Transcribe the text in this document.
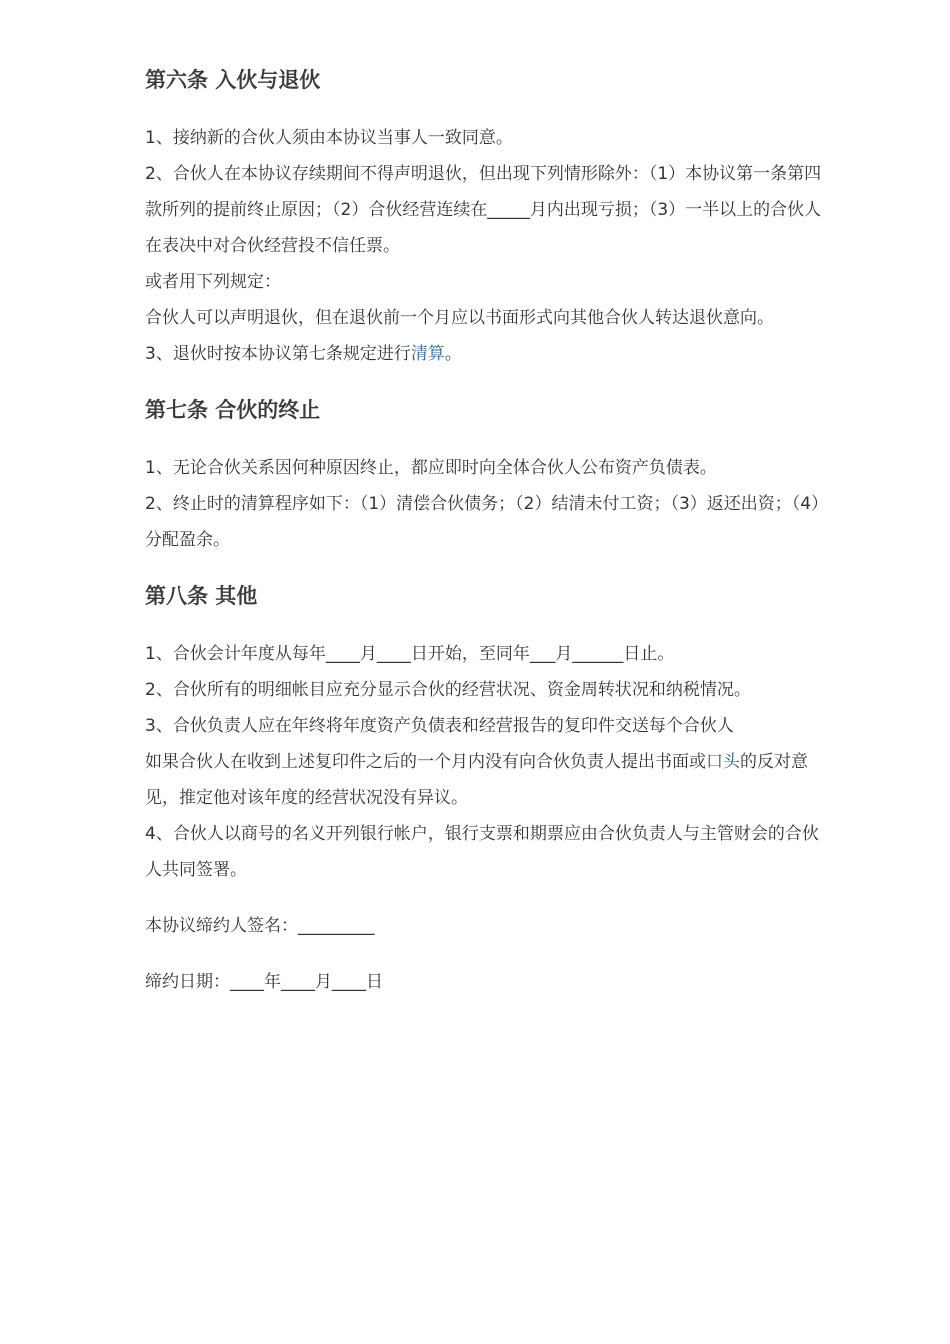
第六条 入伙与退伙

1、接纳新的合伙人须由本协议当事人一致同意。

2、合伙人在本协议存续期间不得声明退伙，但出现下列情形除外：（1）本协议第一条第四款所列的提前终止原因；（2）合伙经营连续在_____月内出现亏损；（3）一半以上的合伙人在表决中对合伙经营投不信任票。

或者用下列规定：

合伙人可以声明退伙，但在退伙前一个月应以书面形式向其他合伙人转达退伙意向。

3、退伙时按本协议第七条规定进行清算。

第七条 合伙的终止

1、无论合伙关系因何种原因终止，都应即时向全体合伙人公布资产负债表。

2、终止时的清算程序如下：（1）清偿合伙债务；（2）结清未付工资；（3）返还出资；（4）分配盈余。

第八条 其他

1、合伙会计年度从每年____月____日开始，至同年___月______日止。

2、合伙所有的明细帐目应充分显示合伙的经营状况、资金周转状况和纳税情况。

3、合伙负责人应在年终将年度资产负债表和经营报告的复印件交送每个合伙人

如果合伙人在收到上述复印件之后的一个月内没有向合伙负责人提出书面或口头的反对意见，推定他对该年度的经营状况没有异议。

4、合伙人以商号的名义开列银行帐户，银行支票和期票应由合伙负责人与主管财会的合伙人共同签署。

本协议缔约人签名：_________

缔约日期：____年____月____日
